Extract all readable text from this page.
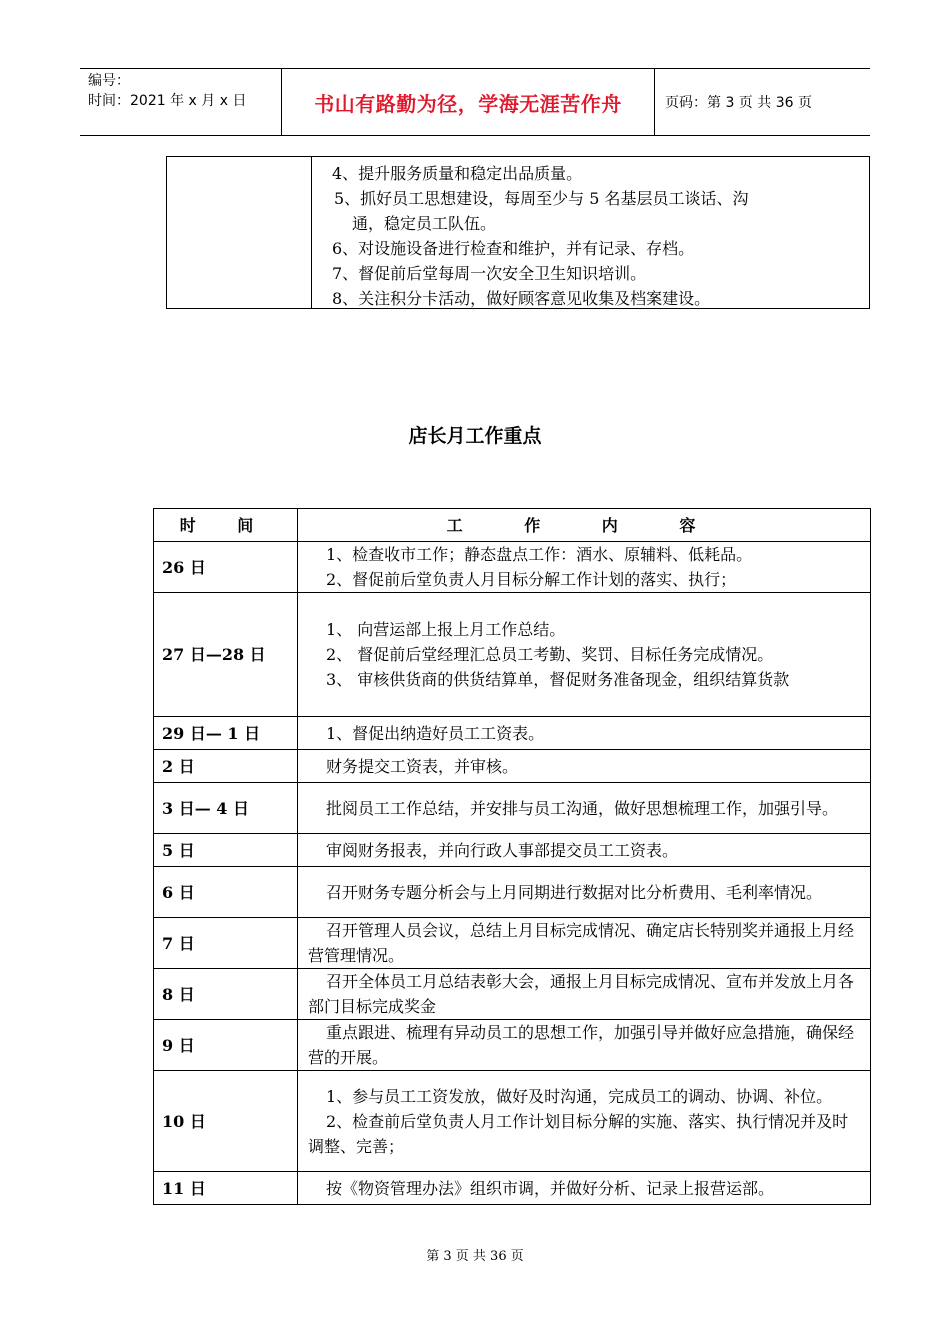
编号：
时间：2021 年 x 月 x 日	书山有路勤为径，学海无涯苦作舟	页码：第 3 页 共 36 页
4、提升服务质量和稳定出品质量。
5、抓好员工思想建设，每周至少与 5 名基层员工谈话、沟
通，稳定员工队伍。
6、对设施设备进行检查和维护，并有记录、存档。
7、督促前后堂每周一次安全卫生知识培训。
8、关注积分卡活动，做好顾客意见收集及档案建设。
店长月工作重点
时 间	工 作 内 容
26 日	1、检查收市工作；静态盘点工作：酒水、原辅料、低耗品。
2、督促前后堂负责人月目标分解工作计划的落实、执行；

27 日—28 日	1、 向营运部上报上月工作总结。
2、 督促前后堂经理汇总员工考勤、奖罚、目标任务完成情况。
3、 审核供货商的供货结算单，督促财务准备现金，组织结算货款

29 日— 1 日	1、督促出纳造好员工工资表。

2 日	财务提交工资表，并审核。

3 日— 4 日	批阅员工工作总结，并安排与员工沟通，做好思想梳理工作，加强引导。

5 日	审阅财务报表，并向行政人事部提交员工工资表。

6 日	召开财务专题分析会与上月同期进行数据对比分析费用、毛利率情况。

7 日	召开管理人员会议，总结上月目标完成情况、确定店长特别奖并通报上月经营管理情况。

8 日	召开全体员工月总结表彰大会，通报上月目标完成情况、宣布并发放上月各部门目标完成奖金

9 日	重点跟进、梳理有异动员工的思想工作，加强引导并做好应急措施，确保经营的开展。

10 日	1、参与员工工资发放，做好及时沟通，完成员工的调动、协调、补位。
2、检查前后堂负责人月工作计划目标分解的实施、落实、执行情况并及时调整、完善；

11 日	按《物资管理办法》组织市调，并做好分析、记录上报营运部。
第 3 页 共 36 页
